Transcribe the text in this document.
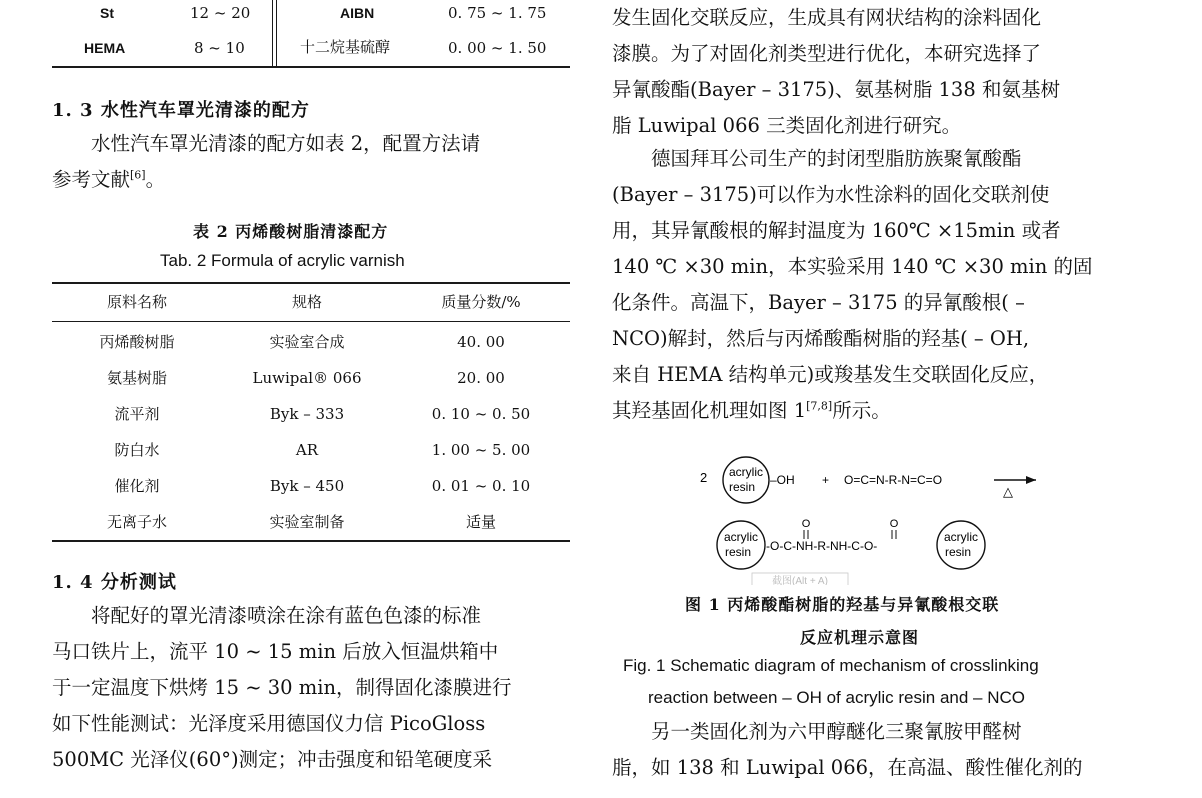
St	12 ~ 20	AIBN	0. 75 ~ 1. 75
HEMA	8 ~ 10	十二烷基硫醇	0. 00 ~ 1. 50
1. 3 水性汽车罩光清漆的配方

水性汽车罩光清漆的配方如表 2，配置方法请

参考文献[6]。

表 2 丙烯酸树脂清漆配方
Tab. 2 Formula of acrylic varnish
原料名称	规格	质量分数/%
丙烯酸树脂	实验室合成	40. 00
氨基树脂	Luwipal® 066	20. 00
流平剂	Byk – 333	0. 10 ~ 0. 50
防白水	AR	1. 00 ~ 5. 00
催化剂	Byk – 450	0. 01 ~ 0. 10
无离子水	实验室制备	适量
1. 4 分析测试

将配好的罩光清漆喷涂在涂有蓝色色漆的标准

马口铁片上，流平 10 ~ 15 min 后放入恒温烘箱中

于一定温度下烘烤 15 ~ 30 min，制得固化漆膜进行

如下性能测试：光泽度采用德国仪力信 PicoGloss

500MC 光泽仪(60°)测定；冲击强度和铅笔硬度采

发生固化交联反应，生成具有网状结构的涂料固化

漆膜。为了对固化剂类型进行优化，本研究选择了

异氰酸酯(Bayer – 3175)、氨基树脂 138 和氨基树

脂 Luwipal 066 三类固化剂进行研究。

德国拜耳公司生产的封闭型脂肪族聚氰酸酯

(Bayer – 3175)可以作为水性涂料的固化交联剂使

用，其异氰酸根的解封温度为 160℃ ×15min 或者

140 ℃ ×30 min，本实验采用 140 ℃ ×30 min 的固

化条件。高温下，Bayer – 3175 的异氰酸根( –

NCO)解封，然后与丙烯酸酯树脂的羟基( – OH,

来自 HEMA 结构单元)或羧基发生交联固化反应，

其羟基固化机理如图 1[7,8]所示。

2 acrylic
resin –OH + O=C=N-R-N=C=O
△
acrylic
resin
O	O
-O-C-NH-R-NH-C-O-
acrylic
resin
截图(Alt + A)
图 1 丙烯酸酯树脂的羟基与异氰酸根交联
反应机理示意图
Fig. 1 Schematic diagram of mechanism of crosslinking
reaction between – OH of acrylic resin and – NCO

另一类固化剂为六甲醇醚化三聚氰胺甲醛树

脂，如 138 和 Luwipal 066，在高温、酸性催化剂的
